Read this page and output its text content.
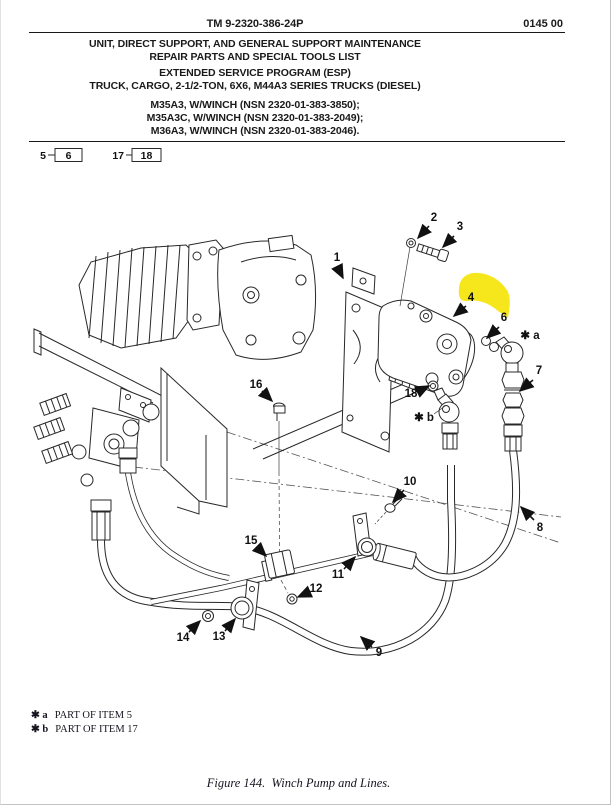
TM 9-2320-386-24P	0145 00
UNIT, DIRECT SUPPORT, AND GENERAL SUPPORT MAINTENANCE
REPAIR PARTS AND SPECIAL TOOLS LIST
EXTENDED SERVICE PROGRAM (ESP)
TRUCK, CARGO, 2-1/2-TON, 6X6, M44A3 SERIES TRUCKS (DIESEL)
M35A3, W/WINCH (NSN 2320-01-383-3850);
M35A3C, W/WINCH (NSN 2320-01-383-2049);
M36A3, W/WINCH (NSN 2320-01-383-2046).
5 6	17 18
1
2
3
4
6
7
8
9
10
11
12
13
14
15
16
18
✱ a
✱ b
✱ a PART OF ITEM 5
✱ b PART OF ITEM 17
Figure 144.  Winch Pump and Lines.
